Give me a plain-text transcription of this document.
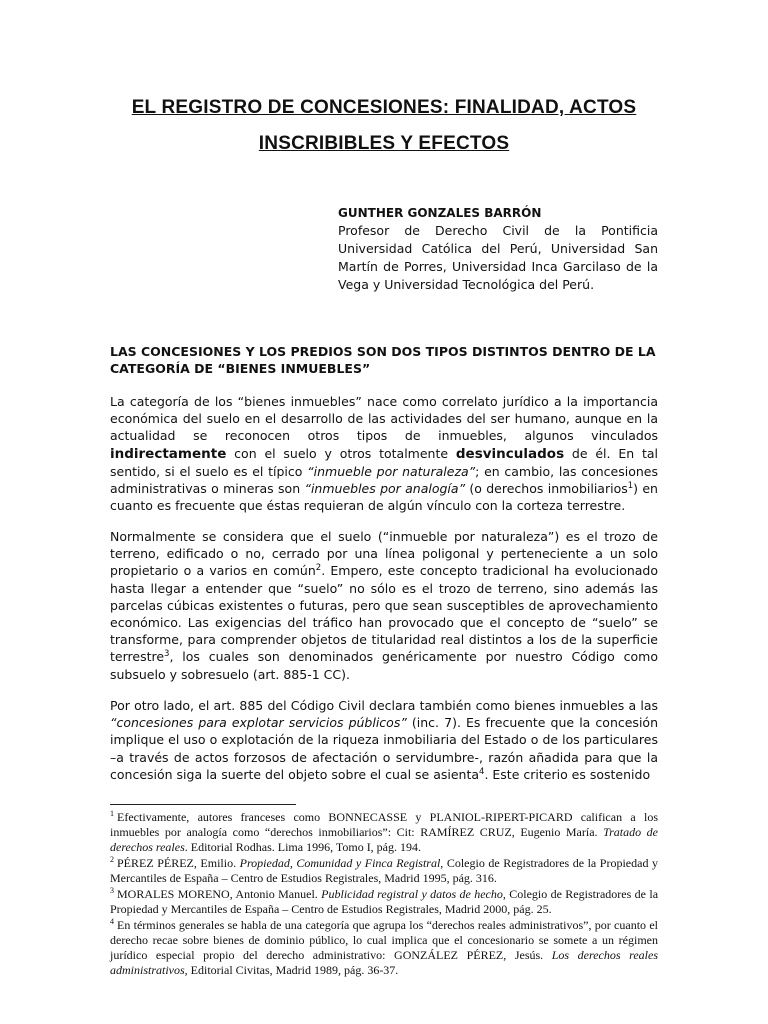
EL REGISTRO DE CONCESIONES: FINALIDAD, ACTOS
INSCRIBIBLES Y EFECTOS
GUNTHER GONZALES BARRÓN
Profesor de Derecho Civil de la Pontificia Universidad Católica del Perú, Universidad San Martín de Porres, Universidad Inca Garcilaso de la Vega y Universidad Tecnológica del Perú.
LAS CONCESIONES Y LOS PREDIOS SON DOS TIPOS DISTINTOS DENTRO DE LA CATEGORÍA DE “BIENES INMUEBLES”

La categoría de los “bienes inmuebles” nace como correlato jurídico a la importancia económica del suelo en el desarrollo de las actividades del ser humano, aunque en la actualidad se reconocen otros tipos de inmuebles, algunos vinculados indirectamente con el suelo y otros totalmente desvinculados de él. En tal sentido, si el suelo es el típico “inmueble por naturaleza”; en cambio, las concesiones administrativas o mineras son “inmuebles por analogía” (o derechos inmobiliarios$^1$) en cuanto es frecuente que éstas requieran de algún vínculo con la corteza terrestre.

Normalmente se considera que el suelo (“inmueble por naturaleza”) es el trozo de terreno, edificado o no, cerrado por una línea poligonal y perteneciente a un solo propietario o a varios en común$^2$. Empero, este concepto tradicional ha evolucionado hasta llegar a entender que “suelo” no sólo es el trozo de terreno, sino además las parcelas cúbicas existentes o futuras, pero que sean susceptibles de aprovechamiento económico. Las exigencias del tráfico han provocado que el concepto de “suelo” se transforme, para comprender objetos de titularidad real distintos a los de la superficie terrestre$^3$, los cuales son denominados genéricamente por nuestro Código como subsuelo y sobresuelo (art. 885-1 CC).

Por otro lado, el art. 885 del Código Civil declara también como bienes inmuebles a las “concesiones para explotar servicios públicos” (inc. 7). Es frecuente que la concesión implique el uso o explotación de la riqueza inmobiliaria del Estado o de los particulares –a través de actos forzosos de afectación o servidumbre-, razón añadida para que la concesión siga la suerte del objeto sobre el cual se asienta$^4$. Este criterio es sostenido

$^1$ Efectivamente, autores franceses como BONNECASSE y PLANIOL-RIPERT-PICARD califican a los inmuebles por analogía como “derechos inmobiliarios”: Cit: RAMÍREZ CRUZ, Eugenio María. Tratado de derechos reales. Editorial Rodhas. Lima 1996, Tomo I, pág. 194.

$^2$ PÉREZ PÉREZ, Emilio. Propiedad, Comunidad y Finca Registral, Colegio de Registradores de la Propiedad y Mercantiles de España – Centro de Estudios Registrales, Madrid 1995, pág. 316.

$^3$ MORALES MORENO, Antonio Manuel. Publicidad registral y datos de hecho, Colegio de Registradores de la Propiedad y Mercantiles de España – Centro de Estudios Registrales, Madrid 2000, pág. 25.

$^4$ En términos generales se habla de una categoría que agrupa los “derechos reales administrativos”, por cuanto el derecho recae sobre bienes de dominio público, lo cual implica que el concesionario se somete a un régimen jurídico especial propio del derecho administrativo: GONZÁLEZ PÉREZ, Jesús. Los derechos reales administrativos, Editorial Civitas, Madrid 1989, pág. 36-37.
